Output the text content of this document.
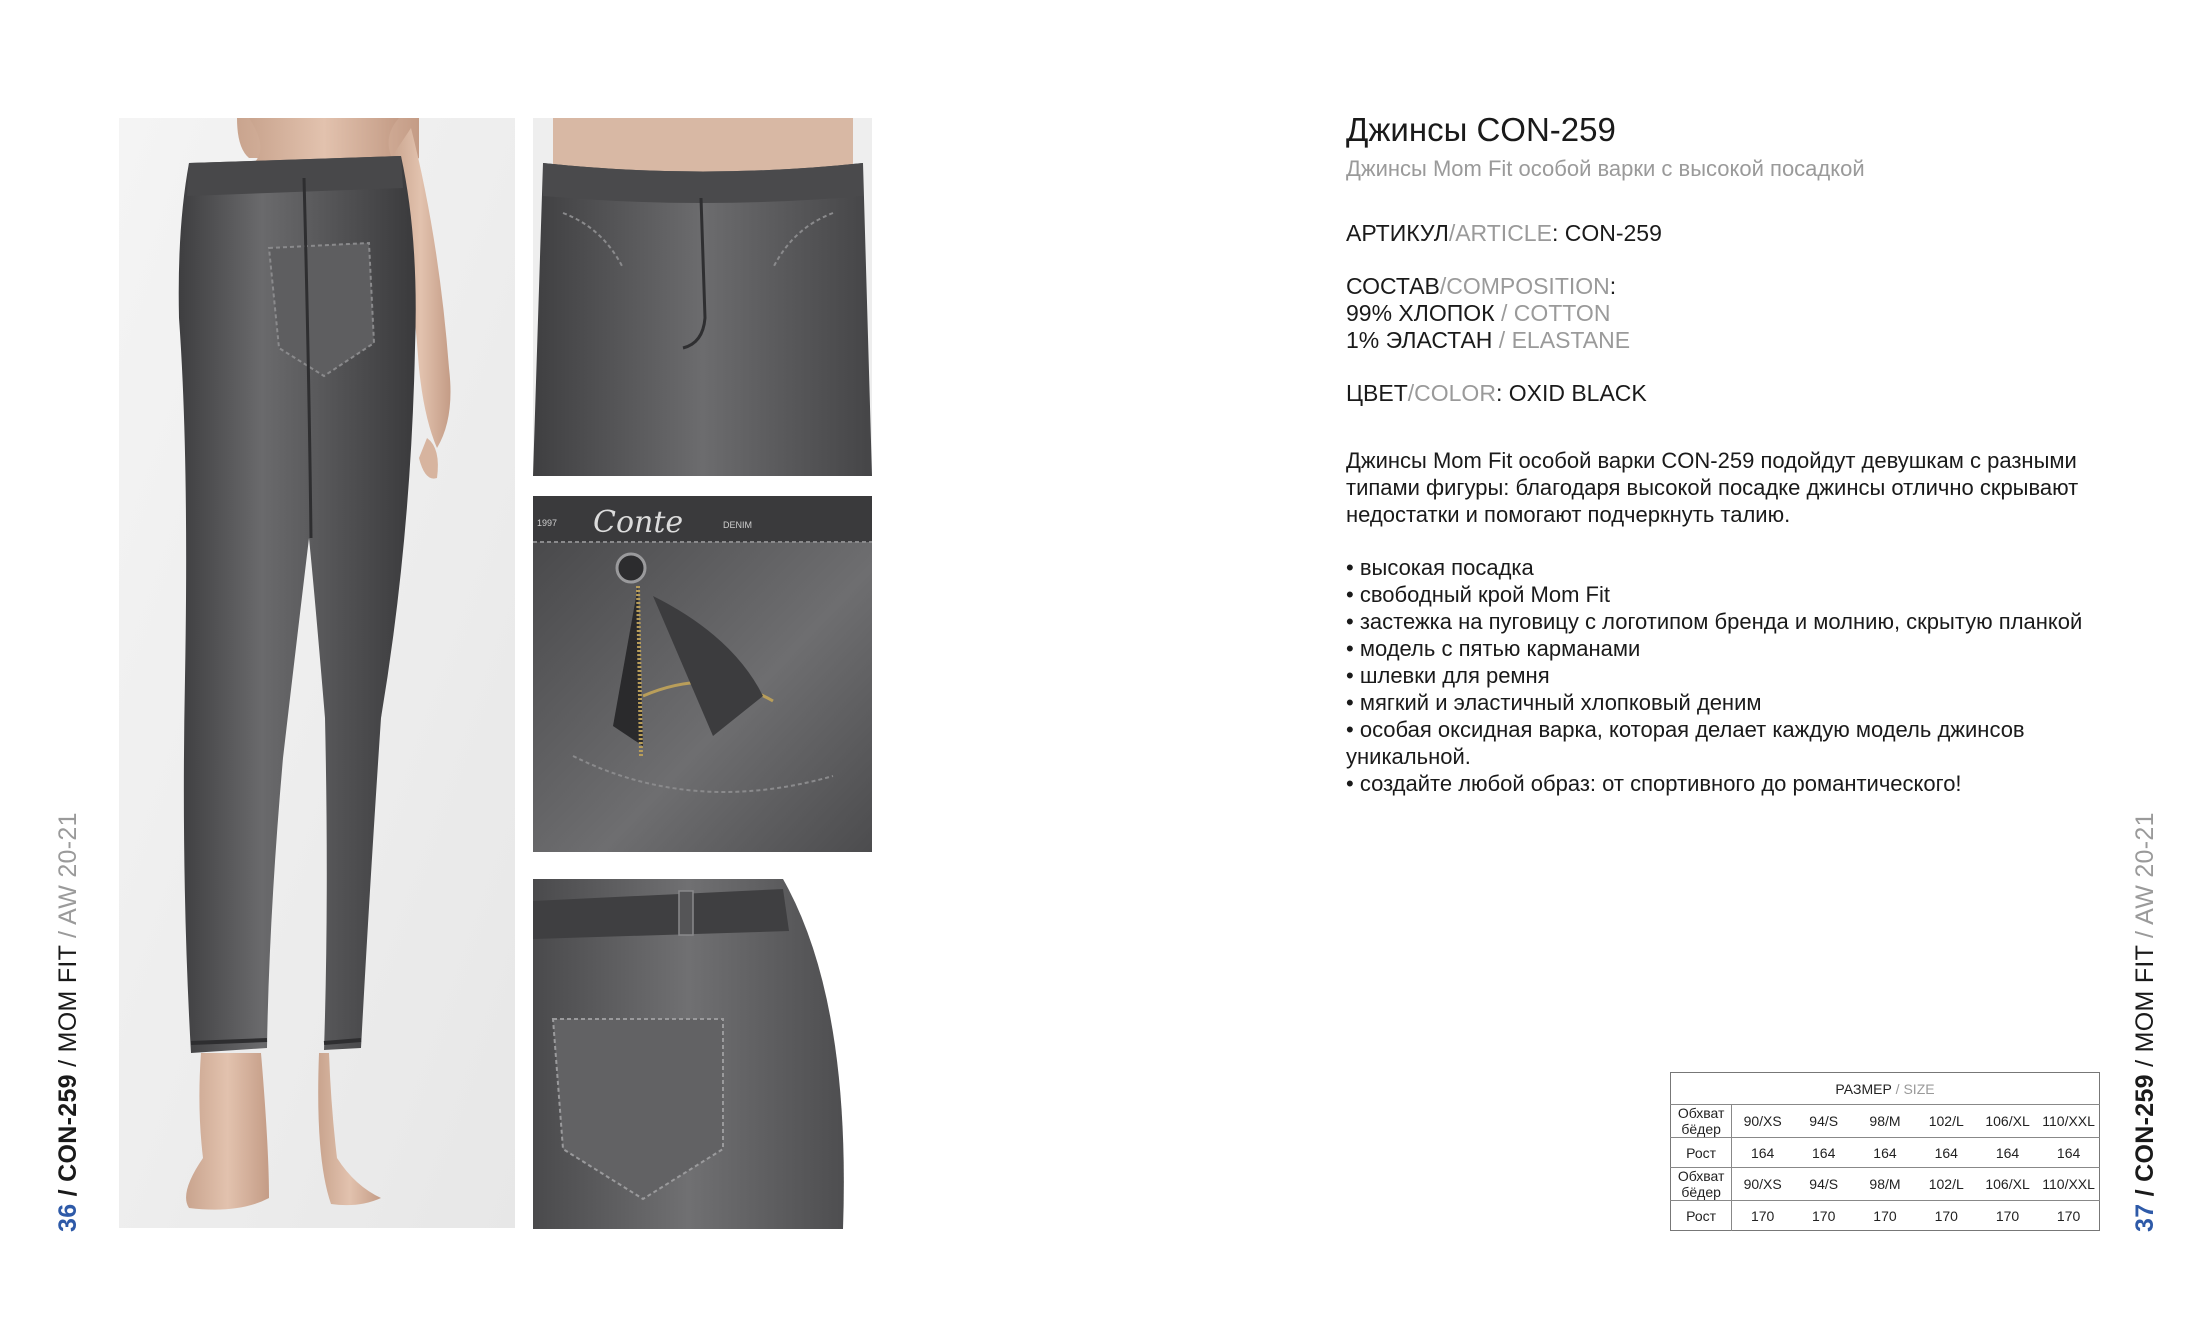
36 / CON-259 / MOM FIT / AW 20-21
37 / CON-259 / MOM FIT / AW 20-21
Conte
1997	DENIM
Джинсы CON-259
Джинсы Mom Fit особой варки с высокой посадкой
АРТИКУЛ/ARTICLE: CON-259
СОСТАВ/COMPOSITION:
99% ХЛОПОК / COTTON
1% ЭЛАСТАН / ELASTANE
ЦВЕТ/COLOR: OXID BLACK

Джинсы Mom Fit особой варки CON-259 подойдут девушкам с разными типами фигуры: благодаря высокой посадке джинсы отлично скрывают недостатки и помогают подчеркнуть талию.

• высокая посадка
• свободный крой Mom Fit
• застежка на пуговицу с логотипом бренда и молнию, скрытую планкой
• модель с пятью карманами
• шлевки для ремня
• мягкий и эластичный хлопковый деним
• особая оксидная варка, которая делает каждую модель джинсов уникальной.
• создайте любой образ: от спортивного до романтического!
РАЗМЕР / SIZE						
Обхват бёдер	90/XS	94/S	98/M	102/L	106/XL	110/XXL
Рост	164	164	164	164	164	164
Обхват бёдер	90/XS	94/S	98/M	102/L	106/XL	110/XXL
Рост	170	170	170	170	170	170
